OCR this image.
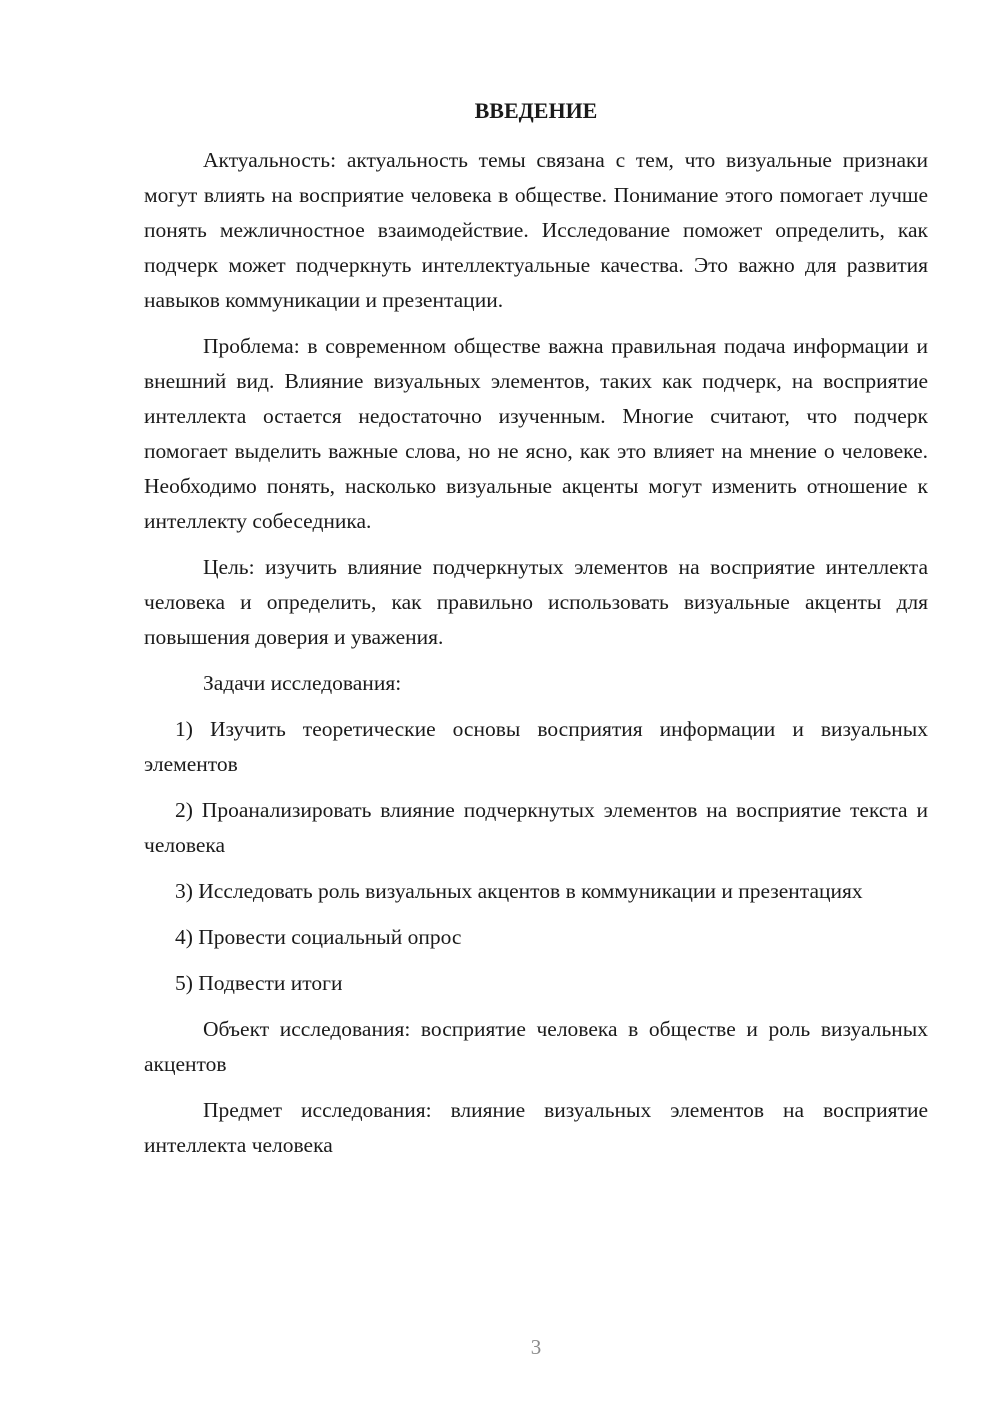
ВВЕДЕНИЕ

Актуальность: актуальность темы связана с тем, что визуальные признаки могут влиять на восприятие человека в обществе. Понимание этого помогает лучше понять межличностное взаимодействие. Исследование поможет определить, как подчерк может подчеркнуть интеллектуальные качества. Это важно для развития навыков коммуникации и презентации.

Проблема: в современном обществе важна правильная подача информации и внешний вид. Влияние визуальных элементов, таких как подчерк, на восприятие интеллекта остается недостаточно изученным. Многие считают, что подчерк помогает выделить важные слова, но не ясно, как это влияет на мнение о человеке. Необходимо понять, насколько визуальные акценты могут изменить отношение к интеллекту собеседника.

Цель: изучить влияние подчеркнутых элементов на восприятие интеллекта человека и определить, как правильно использовать визуальные акценты для повышения доверия и уважения.

Задачи исследования:

1) Изучить теоретические основы восприятия информации и визуальных элементов

2) Проанализировать влияние подчеркнутых элементов на восприятие текста и человека

3) Исследовать роль визуальных акцентов в коммуникации и презентациях

4) Провести социальный опрос

5) Подвести итоги

Объект исследования: восприятие человека в обществе и роль визуальных акцентов

Предмет исследования: влияние визуальных элементов на восприятие интеллекта человека

3
